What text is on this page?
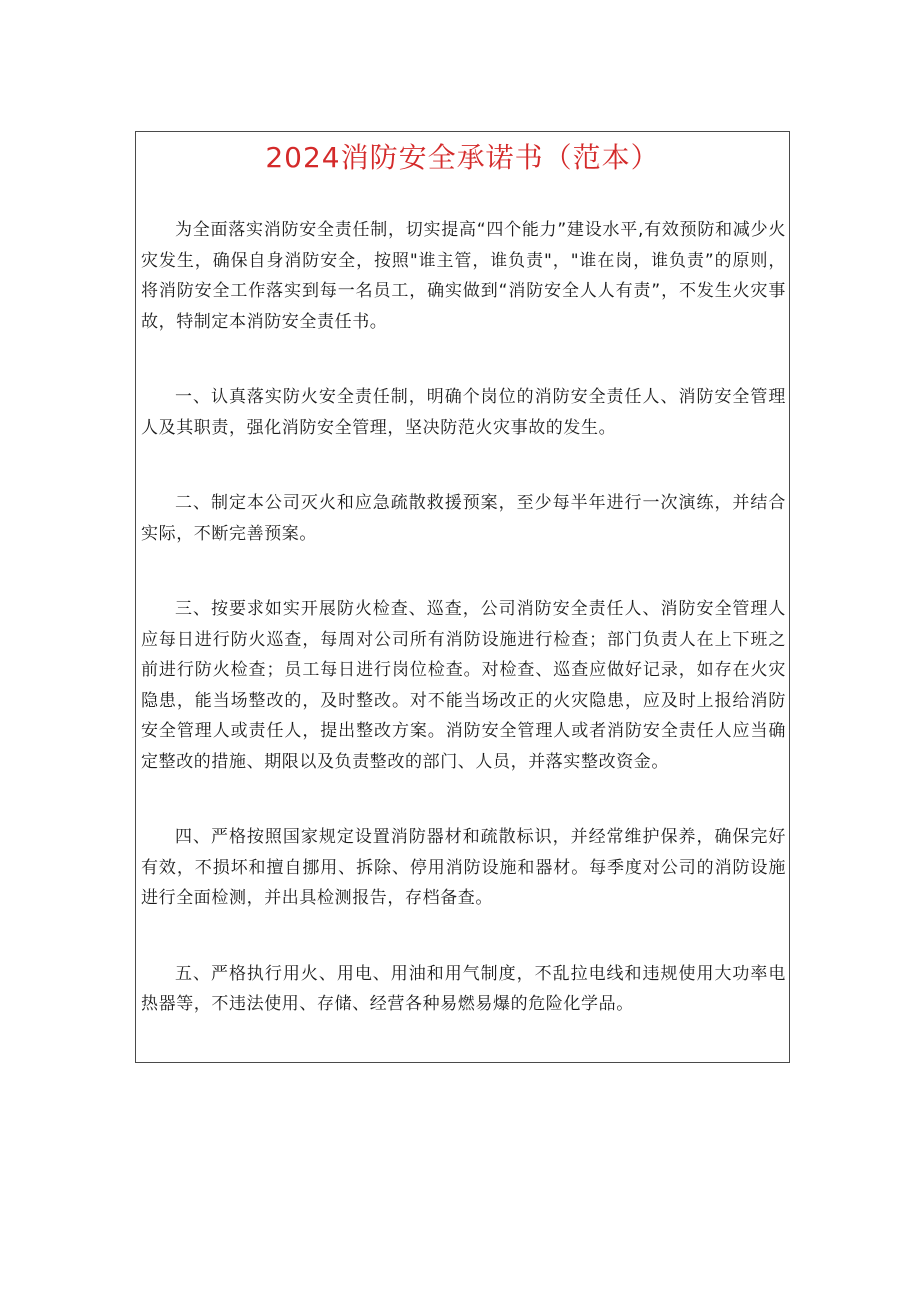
2024消防安全承诺书（范本）

为全面落实消防安全责任制，切实提高“四个能力”建设水平,有效预防和减少火灾发生，确保自身消防安全，按照"谁主管，谁负责"，"谁在岗，谁负责”的原则，将消防安全工作落实到每一名员工，确实做到“消防安全人人有责”，不发生火灾事故，特制定本消防安全责任书。

一、认真落实防火安全责任制，明确个岗位的消防安全责任人、消防安全管理人及其职责，强化消防安全管理，坚决防范火灾事故的发生。

二、制定本公司灭火和应急疏散救援预案，至少每半年进行一次演练，并结合实际，不断完善预案。

三、按要求如实开展防火检查、巡查，公司消防安全责任人、消防安全管理人应每日进行防火巡查，每周对公司所有消防设施进行检查；部门负责人在上下班之前进行防火检查；员工每日进行岗位检查。对检查、巡查应做好记录，如存在火灾隐患，能当场整改的，及时整改。对不能当场改正的火灾隐患，应及时上报给消防安全管理人或责任人，提出整改方案。消防安全管理人或者消防安全责任人应当确定整改的措施、期限以及负责整改的部门、人员，并落实整改资金。

四、严格按照国家规定设置消防器材和疏散标识，并经常维护保养，确保完好有效，不损坏和擅自挪用、拆除、停用消防设施和器材。每季度对公司的消防设施进行全面检测，并出具检测报告，存档备查。

五、严格执行用火、用电、用油和用气制度，不乱拉电线和违规使用大功率电热器等，不违法使用、存储、经营各种易燃易爆的危险化学品。
